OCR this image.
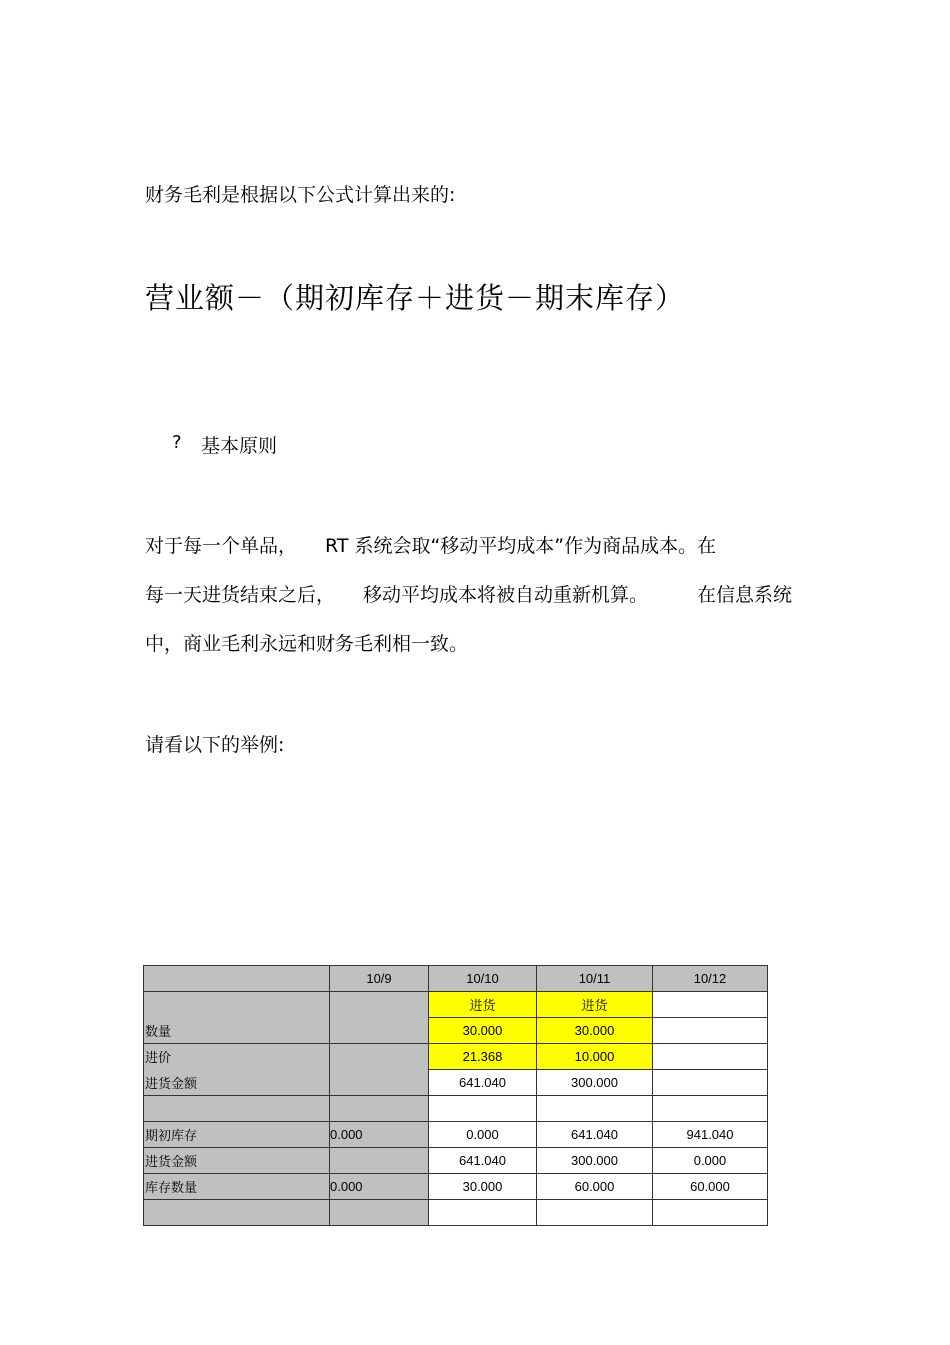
财务毛利是根据以下公式计算出来的:
营业额－（期初库存＋进货－期末库存）
? 基本原则
对于每一个单品， RT 系统会取“移动平均成本”作为商品成本。在
每一天进货结束之后， 移动平均成本将被自动重新机算。	在信息系统
中，商业毛利永远和财务毛利相一致。
请看以下的举例:
	10/9	10/10	10/11	10/12
		进货	进货	
数量		30.000	30.000	
进价		21.368	10.000	
进货金额		641.040	300.000	

期初库存	0.000	0.000	641.040	941.040
进货金额		641.040	300.000	0.000
库存数量	0.000	30.000	60.000	60.000
